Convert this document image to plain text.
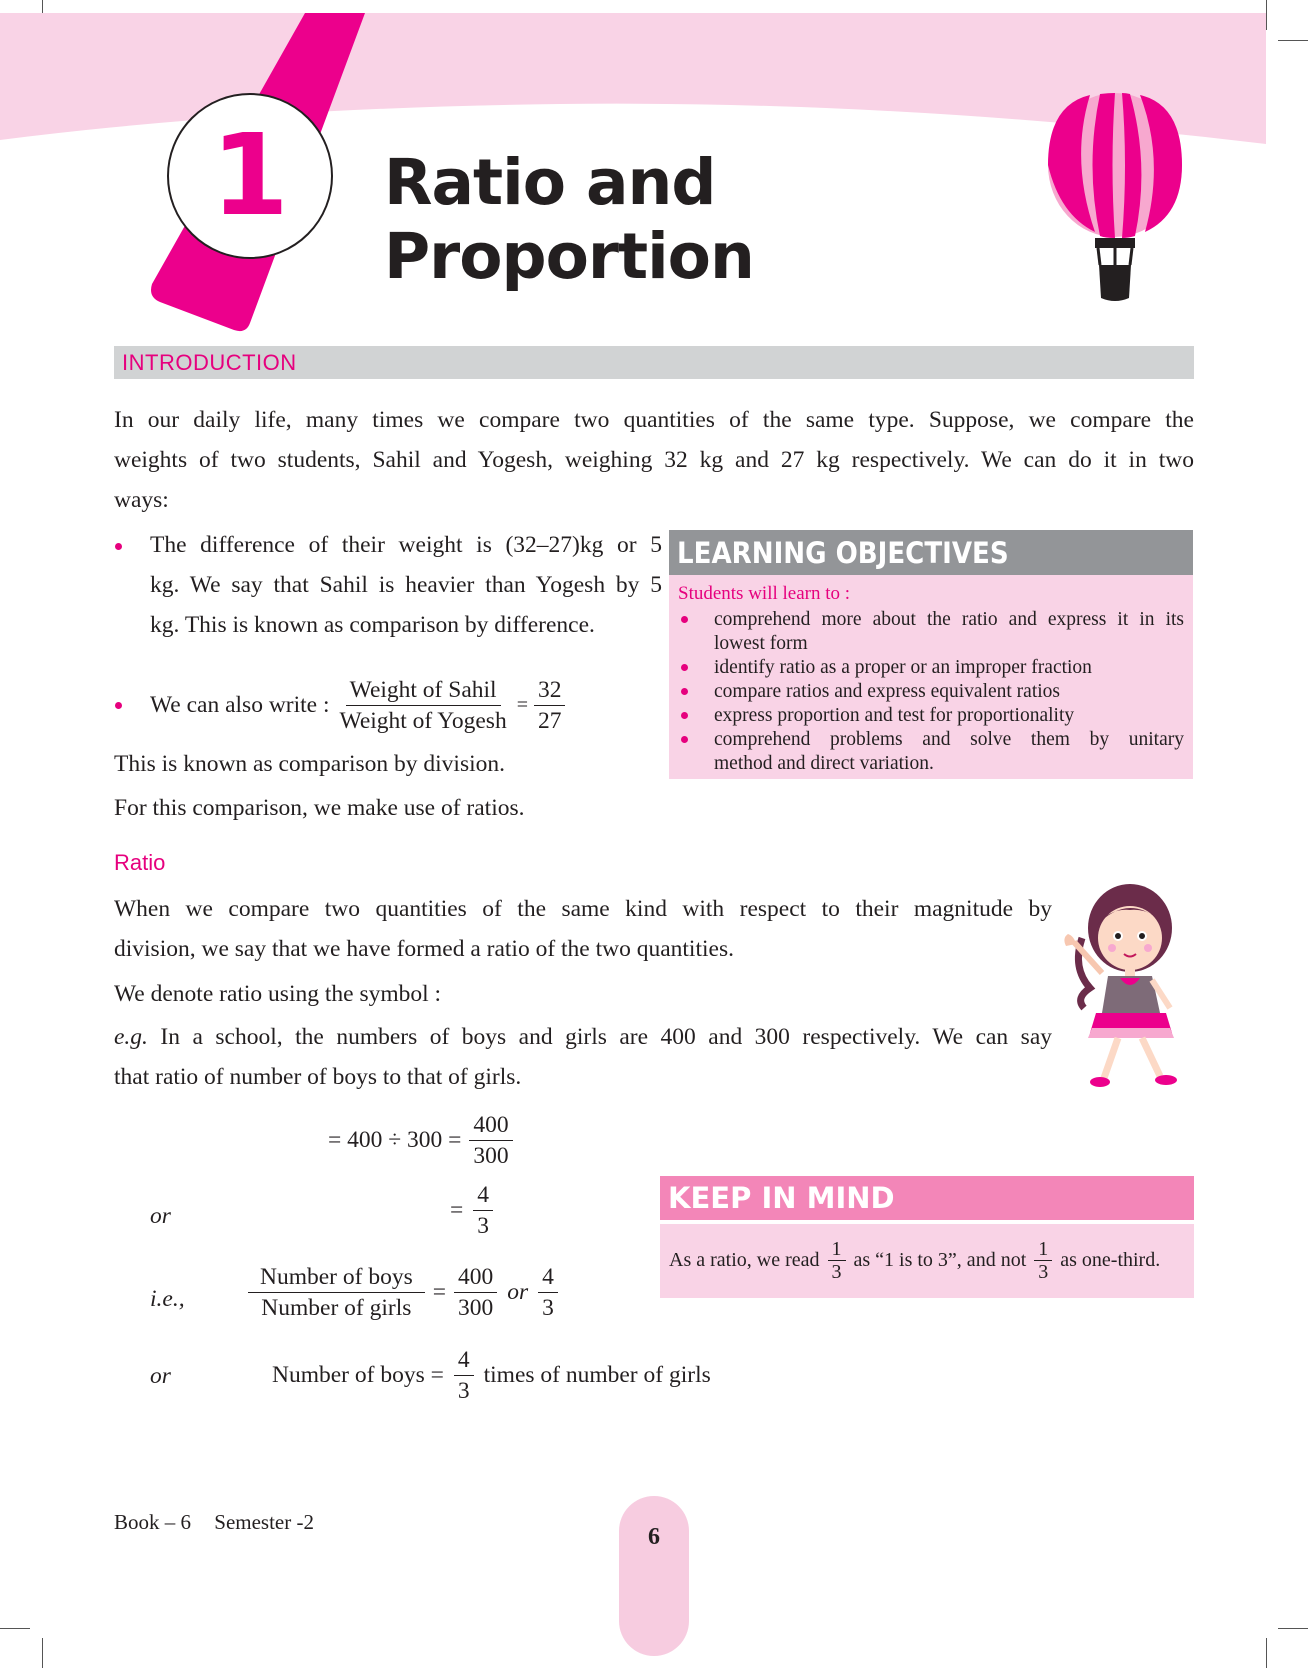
1	Ratio and
Proportion
INTRODUCTION
In our daily life, many times we compare two quantities of the same type. Suppose, we compare the
weights of two students, Sahil and Yogesh, weighing 32 kg and 27 kg respectively. We can do it in two
ways:
The difference of their weight is (32–27)kg or 5
kg. We say that Sahil is heavier than Yogesh by 5
kg. This is known as comparison by difference.
We can also write : $\frac{\text{Weight of Sahil}}{\text{Weight of Yogesh}} = \frac{32}{27}$
This is known as comparison by division.
For this comparison, we make use of ratios.
LEARNING OBJECTIVES
Students will learn to :
comprehend more about the ratio and express it in its
lowest form
identify ratio as a proper or an improper fraction
compare ratios and express equivalent ratios
express proportion and test for proportionality
comprehend problems and solve them by unitary
method and direct variation.
Ratio
When we compare two quantities of the same kind with respect to their magnitude by
division, we say that we have formed a ratio of the two quantities.
We denote ratio using the symbol :
e.g. In a school, the numbers of boys and girls are 400 and 300 respectively. We can say
that ratio of number of boys to that of girls.
= $400 \div 300 = \frac{400}{300}$
or	= $\frac{4}{3}$
i.e.,	$\frac{\text{Number of boys}}{\text{Number of girls}} = \frac{400}{300}$ or $\frac{4}{3}$
or	Number of boys = $\frac{4}{3}$ times of number of girls
KEEP IN MIND
As a ratio, we read $\frac{1}{3}$ as “1 is to 3”, and not $\frac{1}{3}$ as one-third.
Book – 6 Semester -2
6
